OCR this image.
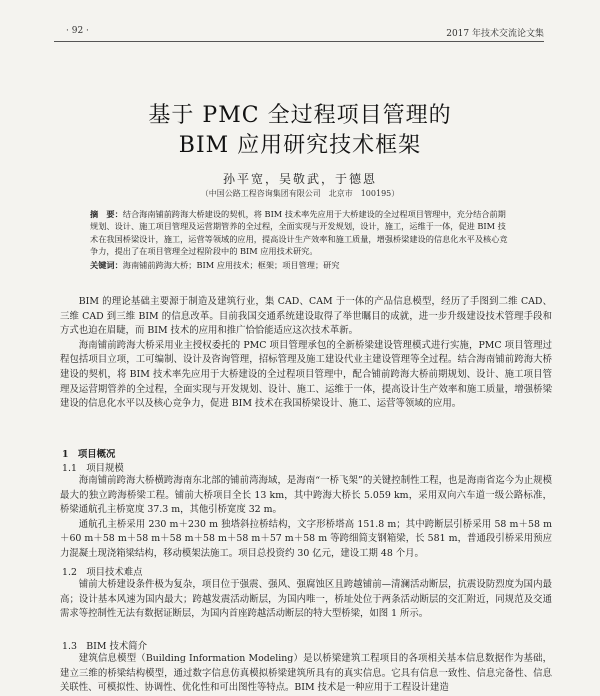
· 92 ·	2017 年技术交流论文集
基于 PMC 全过程项目管理的
BIM 应用研究技术框架
孙平宽，吴敬武，于德恩
（中国公路工程咨询集团有限公司　北京市　100195）
摘　要：结合海南铺前跨海大桥建设的契机，将 BIM 技术率先应用于大桥建设的全过程项目管理中，充分结合前期规划、设计、施工项目管理及运营期管养的全过程，全面实现与开发规划，设计，施工，运维于一体，促进 BIM 技术在我国桥梁设计，施工，运营等领域的应用，提高设计生产效率和施工质量，增强桥梁建设的信息化水平及核心竞争力，提出了在项目管理全过程阶段中的 BIM 应用技术研究。
关键词：海南铺前跨海大桥；BIM 应用技术；框架；项目管理；研究

BIM 的理论基础主要源于制造及建筑行业，集 CAD、CAM 于一体的产品信息模型，经历了手图到二维 CAD、三维 CAD 到三维 BIM 的信息改革。目前我国交通系统建设取得了举世瞩目的成就，进一步升级建设技术管理手段和方式也迫在眉睫，而 BIM 技术的应用和推广恰恰能适应这次技术革新。

海南铺前跨海大桥采用业主授权委托的 PMC 项目管理承包的全新桥梁建设管理模式进行实施，PMC 项目管理过程包括项目立项，工可编制、设计及咨询管理，招标管理及施工建设代业主建设管理等全过程。结合海南铺前跨海大桥建设的契机，将 BIM 技术率先应用于大桥建设的全过程项目管理中，配合铺前跨海大桥前期规划、设计、施工项目管理及运营期管养的全过程，全面实现与开发规划、设计、施工、运维于一体，提高设计生产效率和施工质量，增强桥梁建设的信息化水平以及核心竞争力，促进 BIM 技术在我国桥梁设计、施工、运营等领域的应用。

1　项目概况
1.1　项目规模

海南铺前跨海大桥横跨海南东北部的铺前湾海域，是海南“一桥飞架”的关键控制性工程，也是海南省迄今为止规模最大的独立跨海桥梁工程。铺前大桥项目全长 13 km，其中跨海大桥长 5.059 km，采用双向六车道一级公路标准，桥梁通航孔主桥宽度 37.3 m，其他引桥宽度 32 m。

通航孔主桥采用 230 m＋230 m 独塔斜拉桥结构，文字形桥塔高 151.8 m；其中跨断层引桥采用 58 m＋58 m＋60 m＋58 m＋58 m＋58 m＋58 m＋58 m＋57 m＋58 m 等跨细简支钢箱梁，长 581 m，普通段引桥采用预应力混凝土现浇箱梁结构，移动模架法施工。项目总投资约 30 亿元，建设工期 48 个月。

1.2　项目技术难点

铺前大桥建设条件极为复杂，项目位于强震、强风、强腐蚀区且跨越铺前—清澜活动断层，抗震设防烈度为国内最高；设计基本风速为国内最大；跨越发震活动断层，为国内唯一，桥址处位于两条活动断层的交汇附近，同规范及交通需求等控制性无法有数据证断层，为国内首座跨越活动断层的特大型桥梁，如图 1 所示。

1.3　BIM 技术简介

建筑信息模型（Building Information Modeling）是以桥梁建筑工程项目的各项相关基本信息数据作为基础，建立三维的桥梁结构模型，通过数字信息仿真模拟桥梁建筑所具有的真实信息。它具有信息一致性、信息完备性、信息关联性、可模拟性、协调性、优化性和可出图性等特点。BIM 技术是一种应用于工程设计建造
